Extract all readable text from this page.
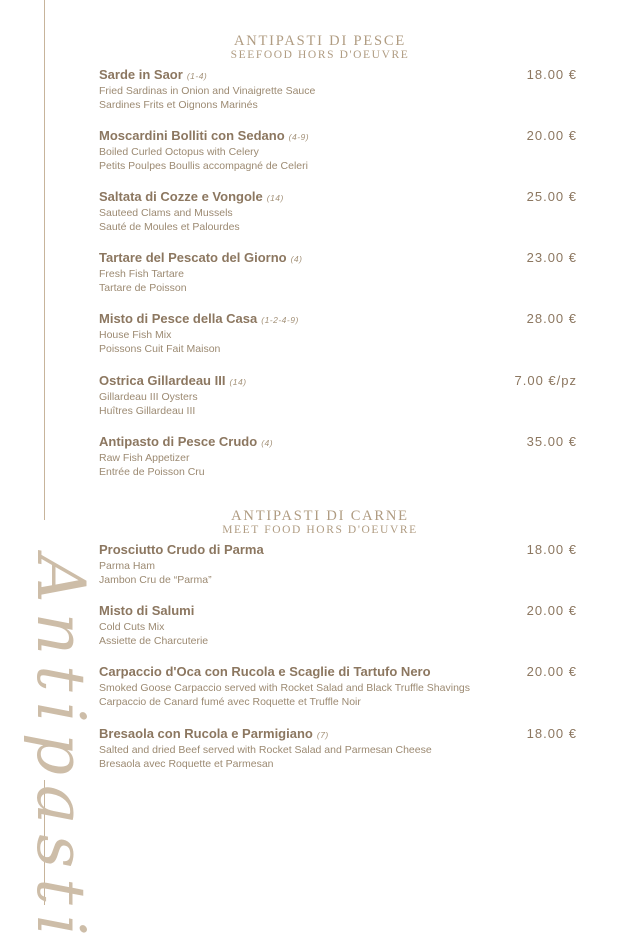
Antipasti
ANTIPASTI DI PESCE
SEEFOOD HORS D'OEUVRE
Sarde in Saor (1-4)
Fried Sardinas in Onion and Vinaigrette Sauce
Sardines Frits et Oignons Marinés
18.00 €
Moscardini Bolliti con Sedano (4-9)
Boiled Curled Octopus with Celery
Petits Poulpes Boullis accompagné de Celeri
20.00 €
Saltata di Cozze e Vongole (14)
Sauteed Clams and Mussels
Sauté de Moules et Palourdes
25.00 €
Tartare del Pescato del Giorno (4)
Fresh Fish Tartare
Tartare de Poisson
23.00 €
Misto di Pesce della Casa (1-2-4-9)
House Fish Mix
Poissons Cuit Fait Maison
28.00 €
Ostrica Gillardeau III (14)
Gillardeau III Oysters
Huîtres Gillardeau III
7.00 €/pz
Antipasto di Pesce Crudo (4)
Raw Fish Appetizer
Entrée de Poisson Cru
35.00 €
ANTIPASTI DI CARNE
MEET FOOD HORS D'OEUVRE
Prosciutto Crudo di Parma
Parma Ham
Jambon Cru de “Parma”
18.00 €
Misto di Salumi
Cold Cuts Mix
Assiette de Charcuterie
20.00 €
Carpaccio d'Oca con Rucola e Scaglie di Tartufo Nero
Smoked Goose Carpaccio served with Rocket Salad and Black Truffle Shavings
Carpaccio de Canard fumé avec Roquette et Truffle Noir
20.00 €
Bresaola con Rucola e Parmigiano (7)
Salted and dried Beef served with Rocket Salad and Parmesan Cheese
Bresaola avec Roquette et Parmesan
18.00 €
